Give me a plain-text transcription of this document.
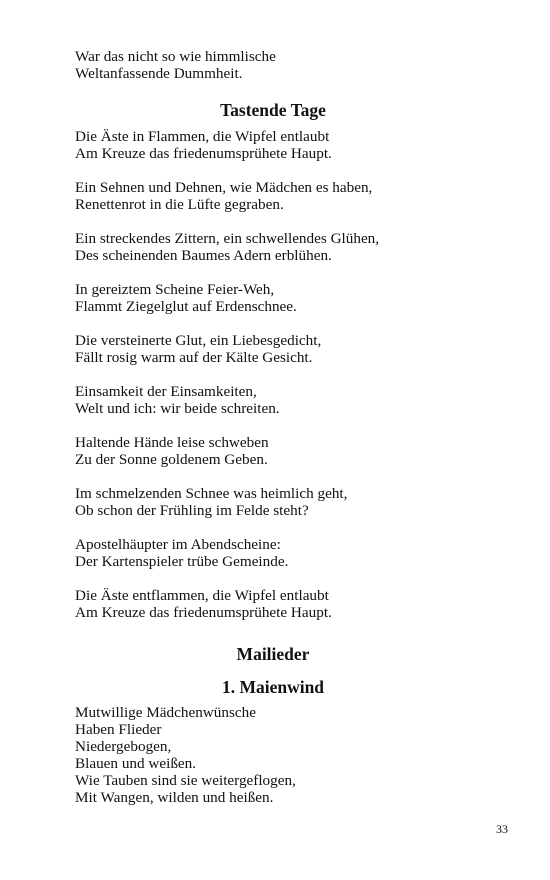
War das nicht so wie himmlische

Weltanfassende Dummheit.

Tastende Tage

Die Äste in Flammen, die Wipfel entlaubt

Am Kreuze das friedenumsprühete Haupt.

Ein Sehnen und Dehnen, wie Mädchen es haben,

Renettenrot in die Lüfte gegraben.

Ein streckendes Zittern, ein schwellendes Glühen,

Des scheinenden Baumes Adern erblühen.

In gereiztem Scheine Feier-Weh,

Flammt Ziegelglut auf Erdenschnee.

Die versteinerte Glut, ein Liebesgedicht,

Fällt rosig warm auf der Kälte Gesicht.

Einsamkeit der Einsamkeiten,

Welt und ich: wir beide schreiten.

Haltende Hände leise schweben

Zu der Sonne goldenem Geben.

Im schmelzenden Schnee was heimlich geht,

Ob schon der Frühling im Felde steht?

Apostelhäupter im Abendscheine:

Der Kartenspieler trübe Gemeinde.

Die Äste entflammen, die Wipfel entlaubt

Am Kreuze das friedenumsprühete Haupt.

Mailieder
1. Maienwind

Mutwillige Mädchenwünsche

Haben Flieder

Niedergebogen,

Blauen und weißen.

Wie Tauben sind sie weitergeflogen,

Mit Wangen, wilden und heißen.

33
